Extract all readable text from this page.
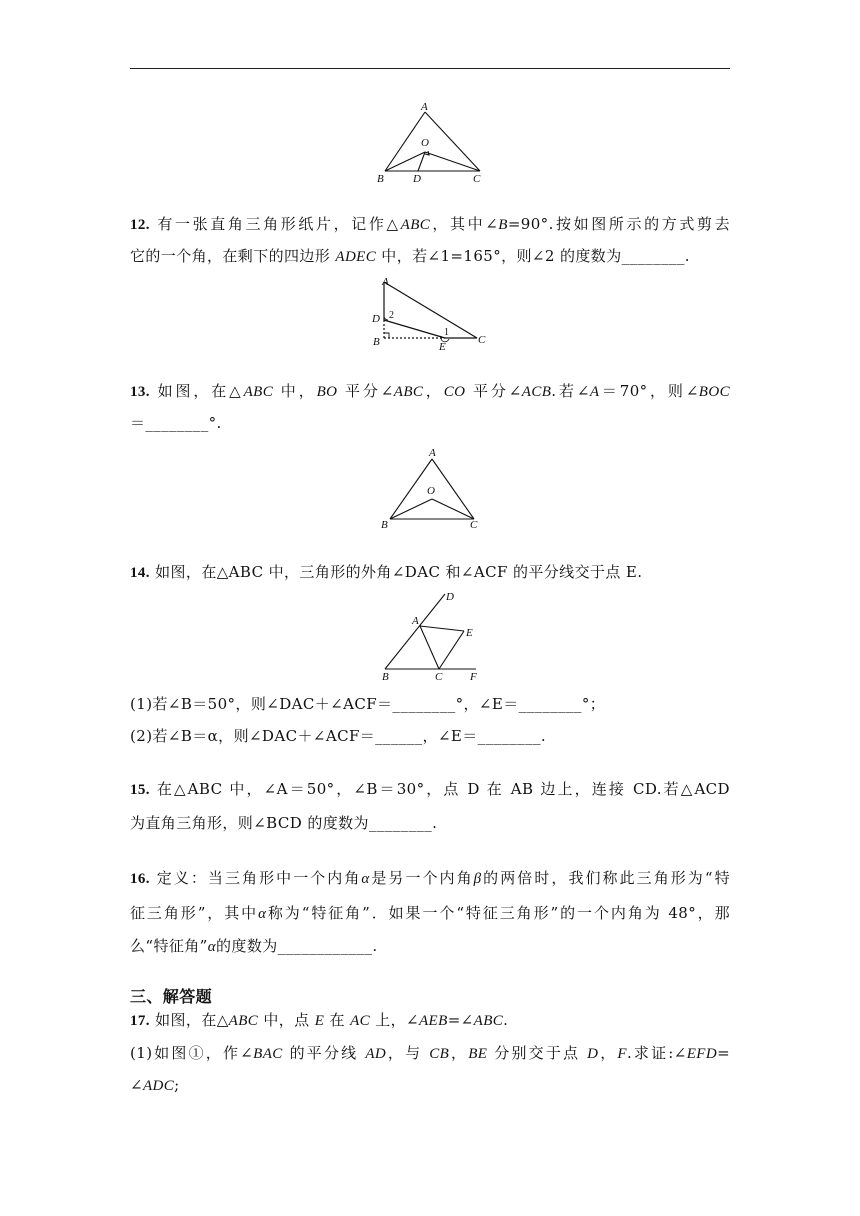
A
O
B	D	C
12. 有一张直角三角形纸片，记作△ABC，其中∠B=90°.按如图所示的方式剪去
它的一个角，在剩下的四边形 ADEC 中，若∠1=165°，则∠2 的度数为________.
A
D 2
1
B	E
C
13. 如图，在△ABC 中，BO 平分∠ABC，CO 平分∠ACB.若∠A＝70°，则∠BOC
＝________°.
A
O
B	C
14. 如图，在△ABC 中，三角形的外角∠DAC 和∠ACF 的平分线交于点 E.
D
A
E
B	C	F
(1)若∠B＝50°，则∠DAC＋∠ACF＝________°，∠E＝________°；
(2)若∠B＝α，则∠DAC＋∠ACF＝______，∠E＝________.
15. 在△ABC 中，∠A＝50°，∠B＝30°，点 D 在 AB 边上，连接 CD.若△ACD
为直角三角形，则∠BCD 的度数为________.
16. 定义：当三角形中一个内角α是另一个内角β的两倍时，我们称此三角形为“特
征三角形”，其中α称为“特征角”．如果一个“特征三角形”的一个内角为 48°，那
么“特征角”α的度数为____________.
三、解答题
17. 如图，在△ABC 中，点 E 在 AC 上，∠AEB=∠ABC.
(1)如图①，作∠BAC 的平分线 AD，与 CB，BE 分别交于点 D，F.求证:∠EFD=
∠ADC;
